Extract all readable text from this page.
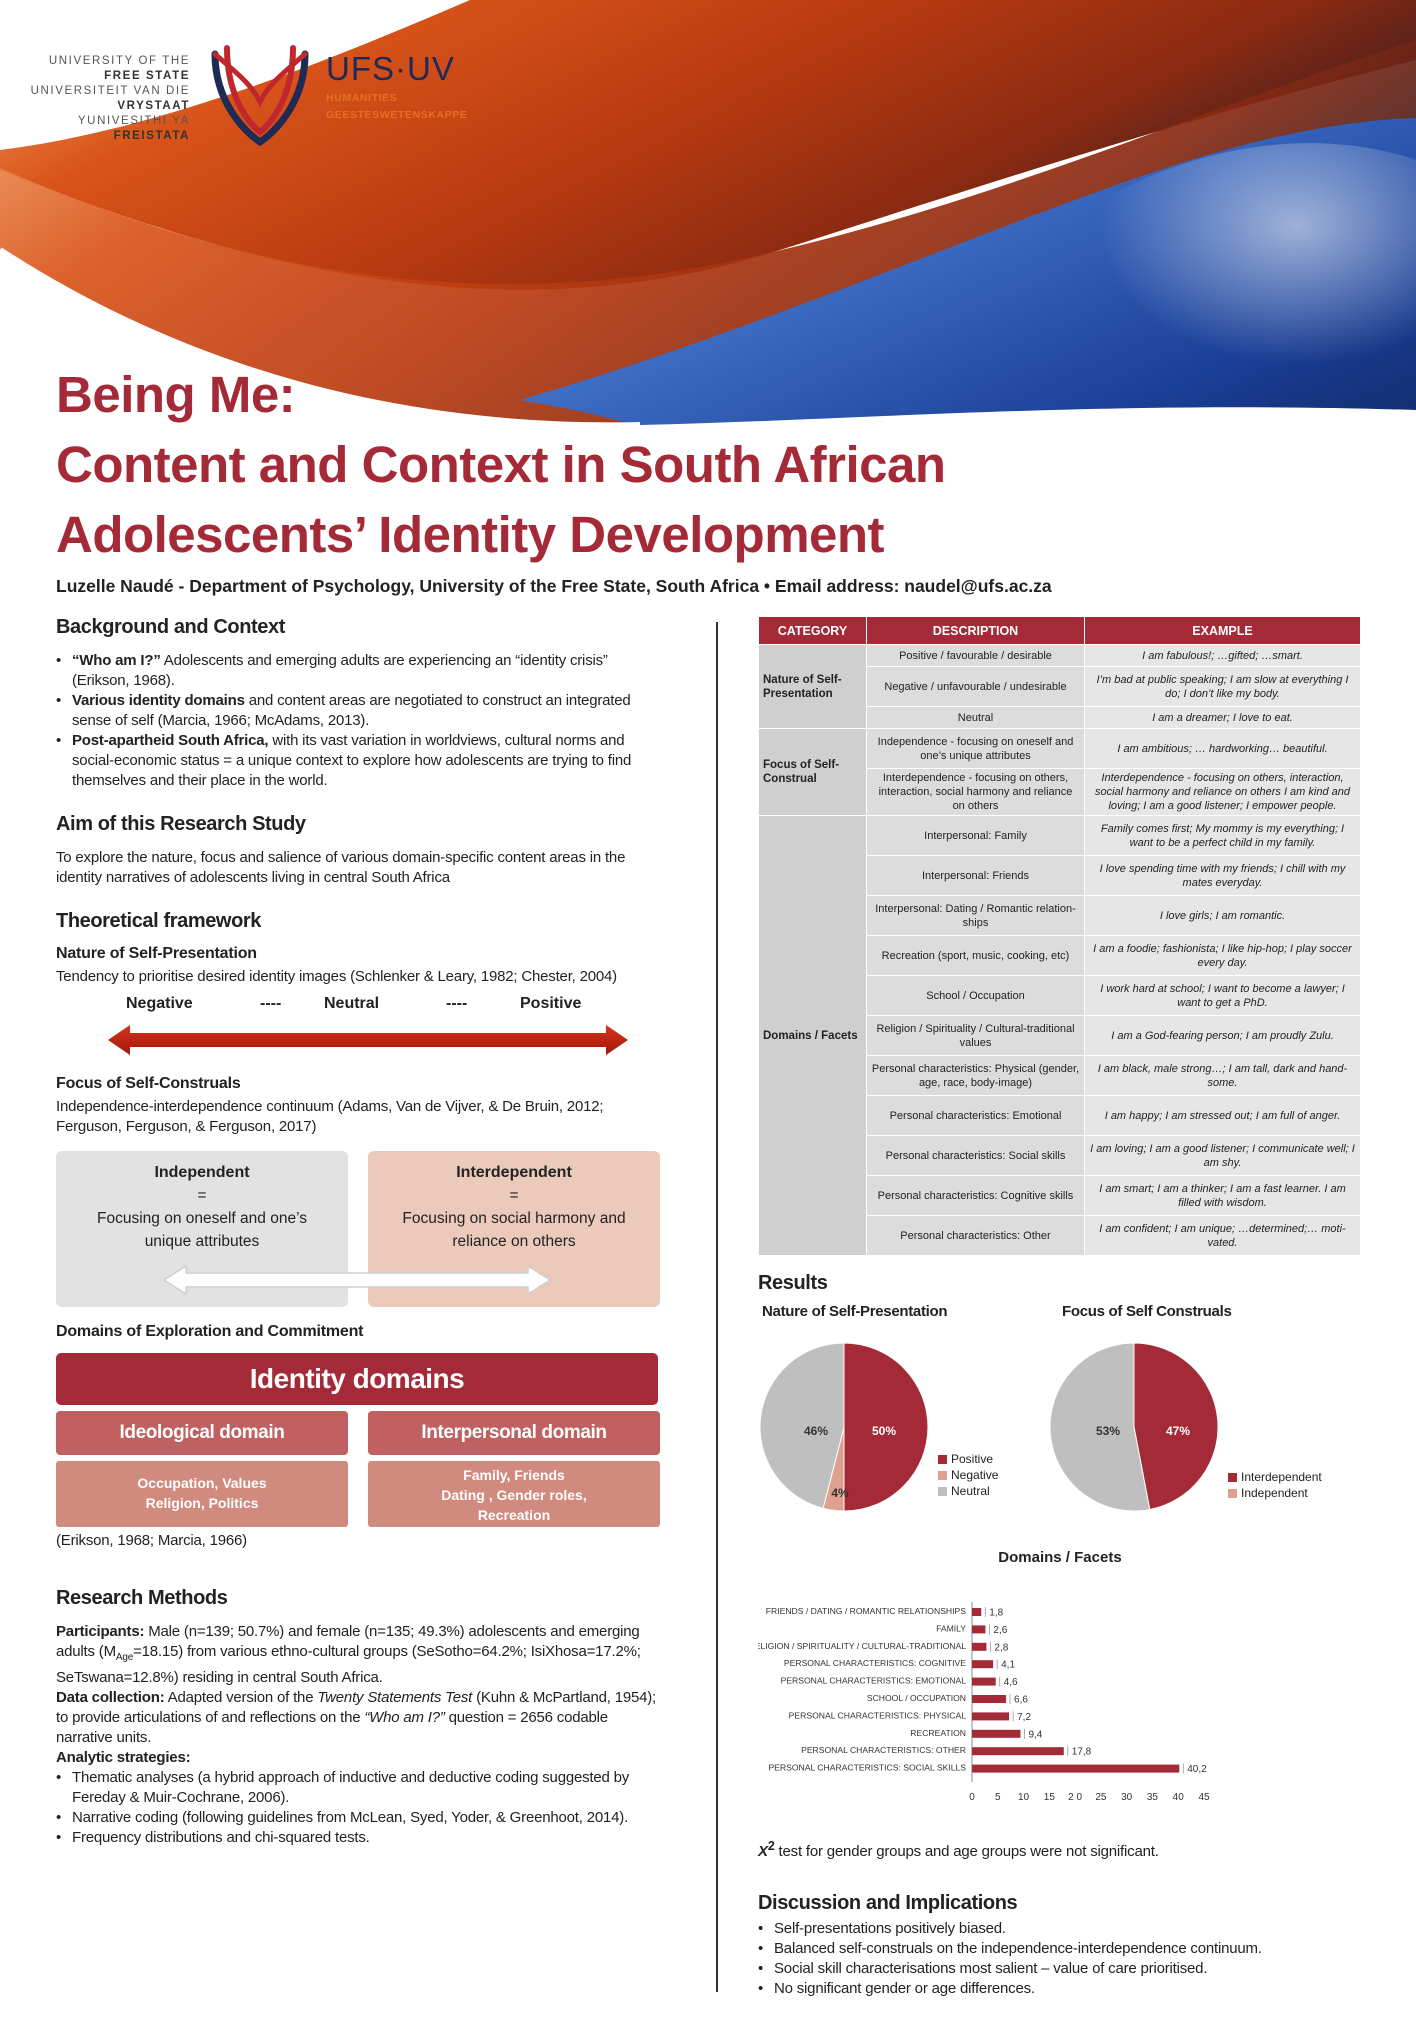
UNIVERSITY OF THE
FREE STATE
UNIVERSITEIT VAN DIE
VRYSTAAT
YUNIVESITHI YA
FREISTATA
UFS·UV
HUMANITIES
GEESTESWETENSKAPPE
Being Me:
Content and Context in South African
Adolescents’ Identity Development
Luzelle Naudé - Department of Psychology, University of the Free State, South Africa • Email address: naudel@ufs.ac.za
Background and Context
• “Who am I?” Adolescents and emerging adults are experiencing an “identity crisis” (Erikson, 1968).
• Various identity domains and content areas are negotiated to construct an integrated sense of self (Marcia, 1966; McAdams, 2013).
• Post-apartheid South Africa, with its vast variation in worldviews, cultural norms and social-economic status = a unique context to explore how adolescents are trying to find themselves and their place in the world.
Aim of this Research Study

To explore the nature, focus and salience of various domain-specific content areas in the identity narratives of adolescents living in central South Africa

Theoretical framework
Nature of Self-Presentation

Tendency to prioritise desired identity images (Schlenker & Leary, 1982; Chester, 2004)

Negative	----	Neutral	----	Positive
Focus of Self-Construals

Independence-interdependence continuum (Adams, Van de Vijver, & De Bruin, 2012; Ferguson, Ferguson, & Ferguson, 2017)

Independent
=
Focusing on oneself and one’s
unique attributes
Interdependent
=
Focusing on social harmony and
reliance on others
Domains of Exploration and Commitment
Identity domains
Ideological domain	Interpersonal domain
Occupation, Values
Religion, Politics
Family, Friends
Dating , Gender roles,
Recreation

(Erikson, 1968; Marcia, 1966)

Research Methods

Participants: Male (n=139; 50.7%) and female (n=135; 49.3%) adolescents and emerging adults $(M_{Age}=18.15)$ from various ethno-cultural groups (SeSotho=64.2%; IsiXhosa=17.2%; SeTswana=12.8%) residing in central South Africa.

Data collection: Adapted version of the Twenty Statements Test (Kuhn & McPartland, 1954); to provide articulations of and reflections on the “Who am I?” question = 2656 codable narrative units.

Analytic strategies:

• Thematic analyses (a hybrid approach of inductive and deductive coding suggested by Fereday & Muir-Cochrane, 2006).
• Narrative coding (following guidelines from McLean, Syed, Yoder, & Greenhoot, 2014).
• Frequency distributions and chi-squared tests.
CATEGORY	DESCRIPTION	EXAMPLE
Nature of Self- Presentation	Positive / favourable / desirable	I am fabulous!; …gifted; …smart.
	Negative / unfavourable / undesirable	I’m bad at public speaking; I am slow at everything I do; I don’t like my body.
	Neutral	I am a dreamer; I love to eat.
Focus of Self-Construal	Independence - focusing on oneself and one’s unique attributes	I am ambitious; … hardworking… beautiful.
	Interdependence - focusing on others, interaction, social harmony and reliance on others	Interdependence - focusing on others, interaction, social harmony and reliance on others I am kind and loving; I am a good listener; I empower people.
Domains / Facets	Interpersonal: Family	Family comes first; My mommy is my everything; I want to be a perfect child in my family.
	Interpersonal: Friends	I love spending time with my friends; I chill with my mates everyday.
	Interpersonal: Dating / Romantic relation-ships	I love girls; I am romantic.
	Recreation (sport, music, cooking, etc)	I am a foodie; fashionista; I like hip-hop; I play soccer every day.
	School / Occupation	I work hard at school; I want to become a lawyer; I want to get a PhD.
	Religion / Spirituality / Cultural-traditional values	I am a God-fearing person; I am proudly Zulu.
	Personal characteristics: Physical (gender, age, race, body-image)	I am black, male strong…; I am tall, dark and hand-some.
	Personal characteristics: Emotional	I am happy; I am stressed out; I am full of anger.
	Personal characteristics: Social skills	I am loving; I am a good listener; I communicate well; I am shy.
	Personal characteristics: Cognitive skills	I am smart; I am a thinker; I am a fast learner. I am filled with wisdom.
	Personal characteristics: Other	I am confident; I am unique; …determined;… moti-vated.
Results
Nature of Self-Presentation	Focus of Self Construals
50%
4%
46%	47%
53%
Positive
Negative
Neutral
Interdependent
Independent
Domains / Facets
FRIENDS / DATING / ROMANTIC RELATIONSHIPS 1,8
FAMILY	2,6
RELIGION / SPIRITUALITY / CULTURAL-TRADITIONAL	2,8
PERSONAL CHARACTERISTICS: COGNITIVE	4,1
PERSONAL CHARACTERISTICS: EMOTIONAL	4,6
SCHOOL / OCCUPATION	6,6
PERSONAL CHARACTERISTICS: PHYSICAL	7,2
RECREATION	9,4
PERSONAL CHARACTERISTICS: OTHER	17,8
PERSONAL CHARACTERISTICS: SOCIAL SKILLS	40,2
0 5 10 15 2 0 25 30 35 40 45

$X^2$ test for gender groups and age groups were not significant.

Discussion and Implications
• Self-presentations positively biased.
• Balanced self-construals on the independence-interdependence continuum.
• Social skill characterisations most salient – value of care prioritised.
• No significant gender or age differences.
